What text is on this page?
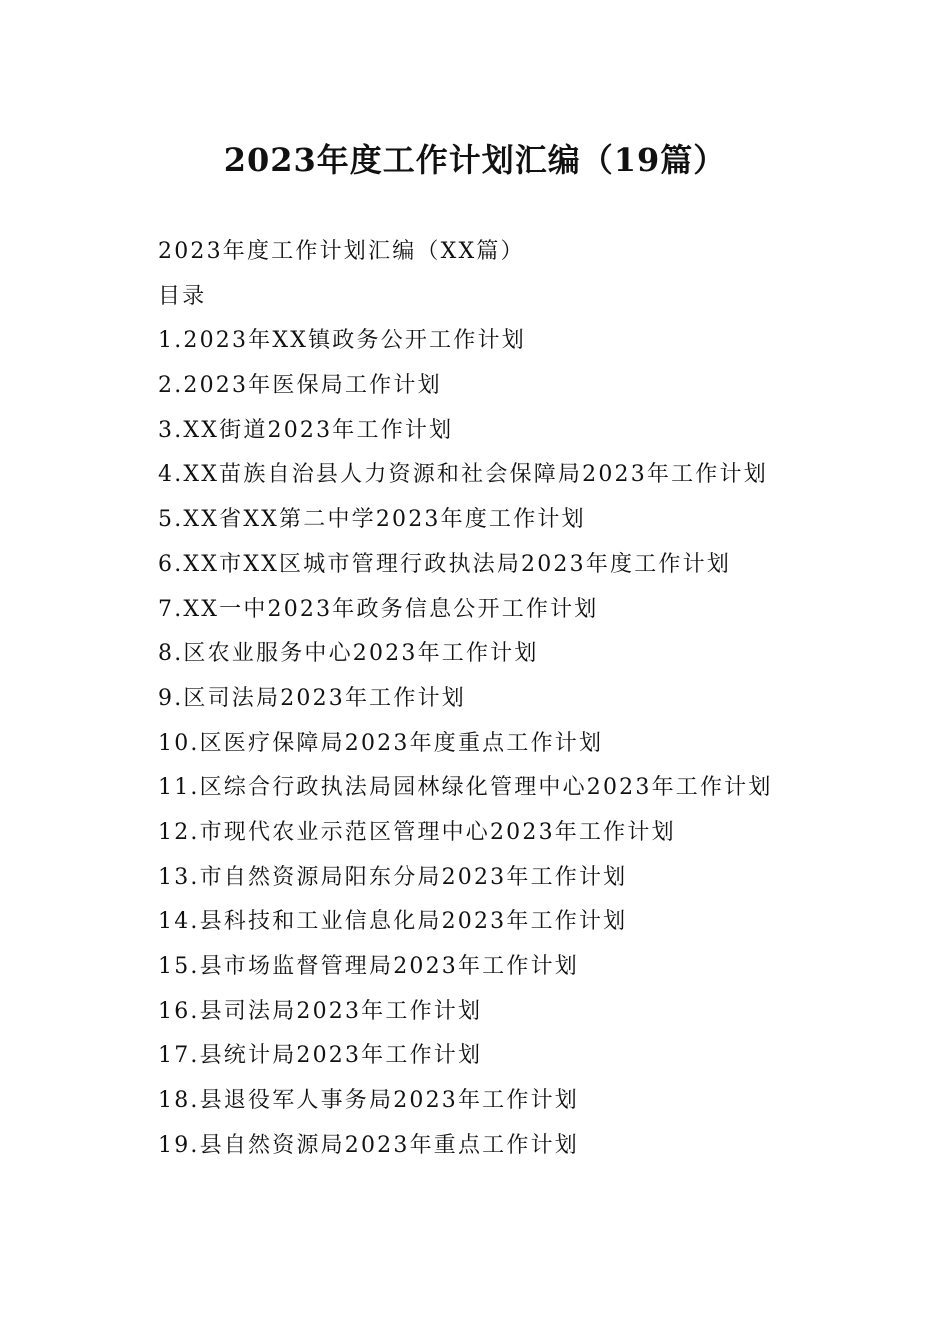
2023年度工作计划汇编（19篇）
2023年度工作计划汇编（XX篇）
目录
1.2023年XX镇政务公开工作计划
2.2023年医保局工作计划
3.XX街道2023年工作计划
4.XX苗族自治县人力资源和社会保障局2023年工作计划
5.XX省XX第二中学2023年度工作计划
6.XX市XX区城市管理行政执法局2023年度工作计划
7.XX一中2023年政务信息公开工作计划
8.区农业服务中心2023年工作计划
9.区司法局2023年工作计划
10.区医疗保障局2023年度重点工作计划
11.区综合行政执法局园林绿化管理中心2023年工作计划
12.市现代农业示范区管理中心2023年工作计划
13.市自然资源局阳东分局2023年工作计划
14.县科技和工业信息化局2023年工作计划
15.县市场监督管理局2023年工作计划
16.县司法局2023年工作计划
17.县统计局2023年工作计划
18.县退役军人事务局2023年工作计划
19.县自然资源局2023年重点工作计划
